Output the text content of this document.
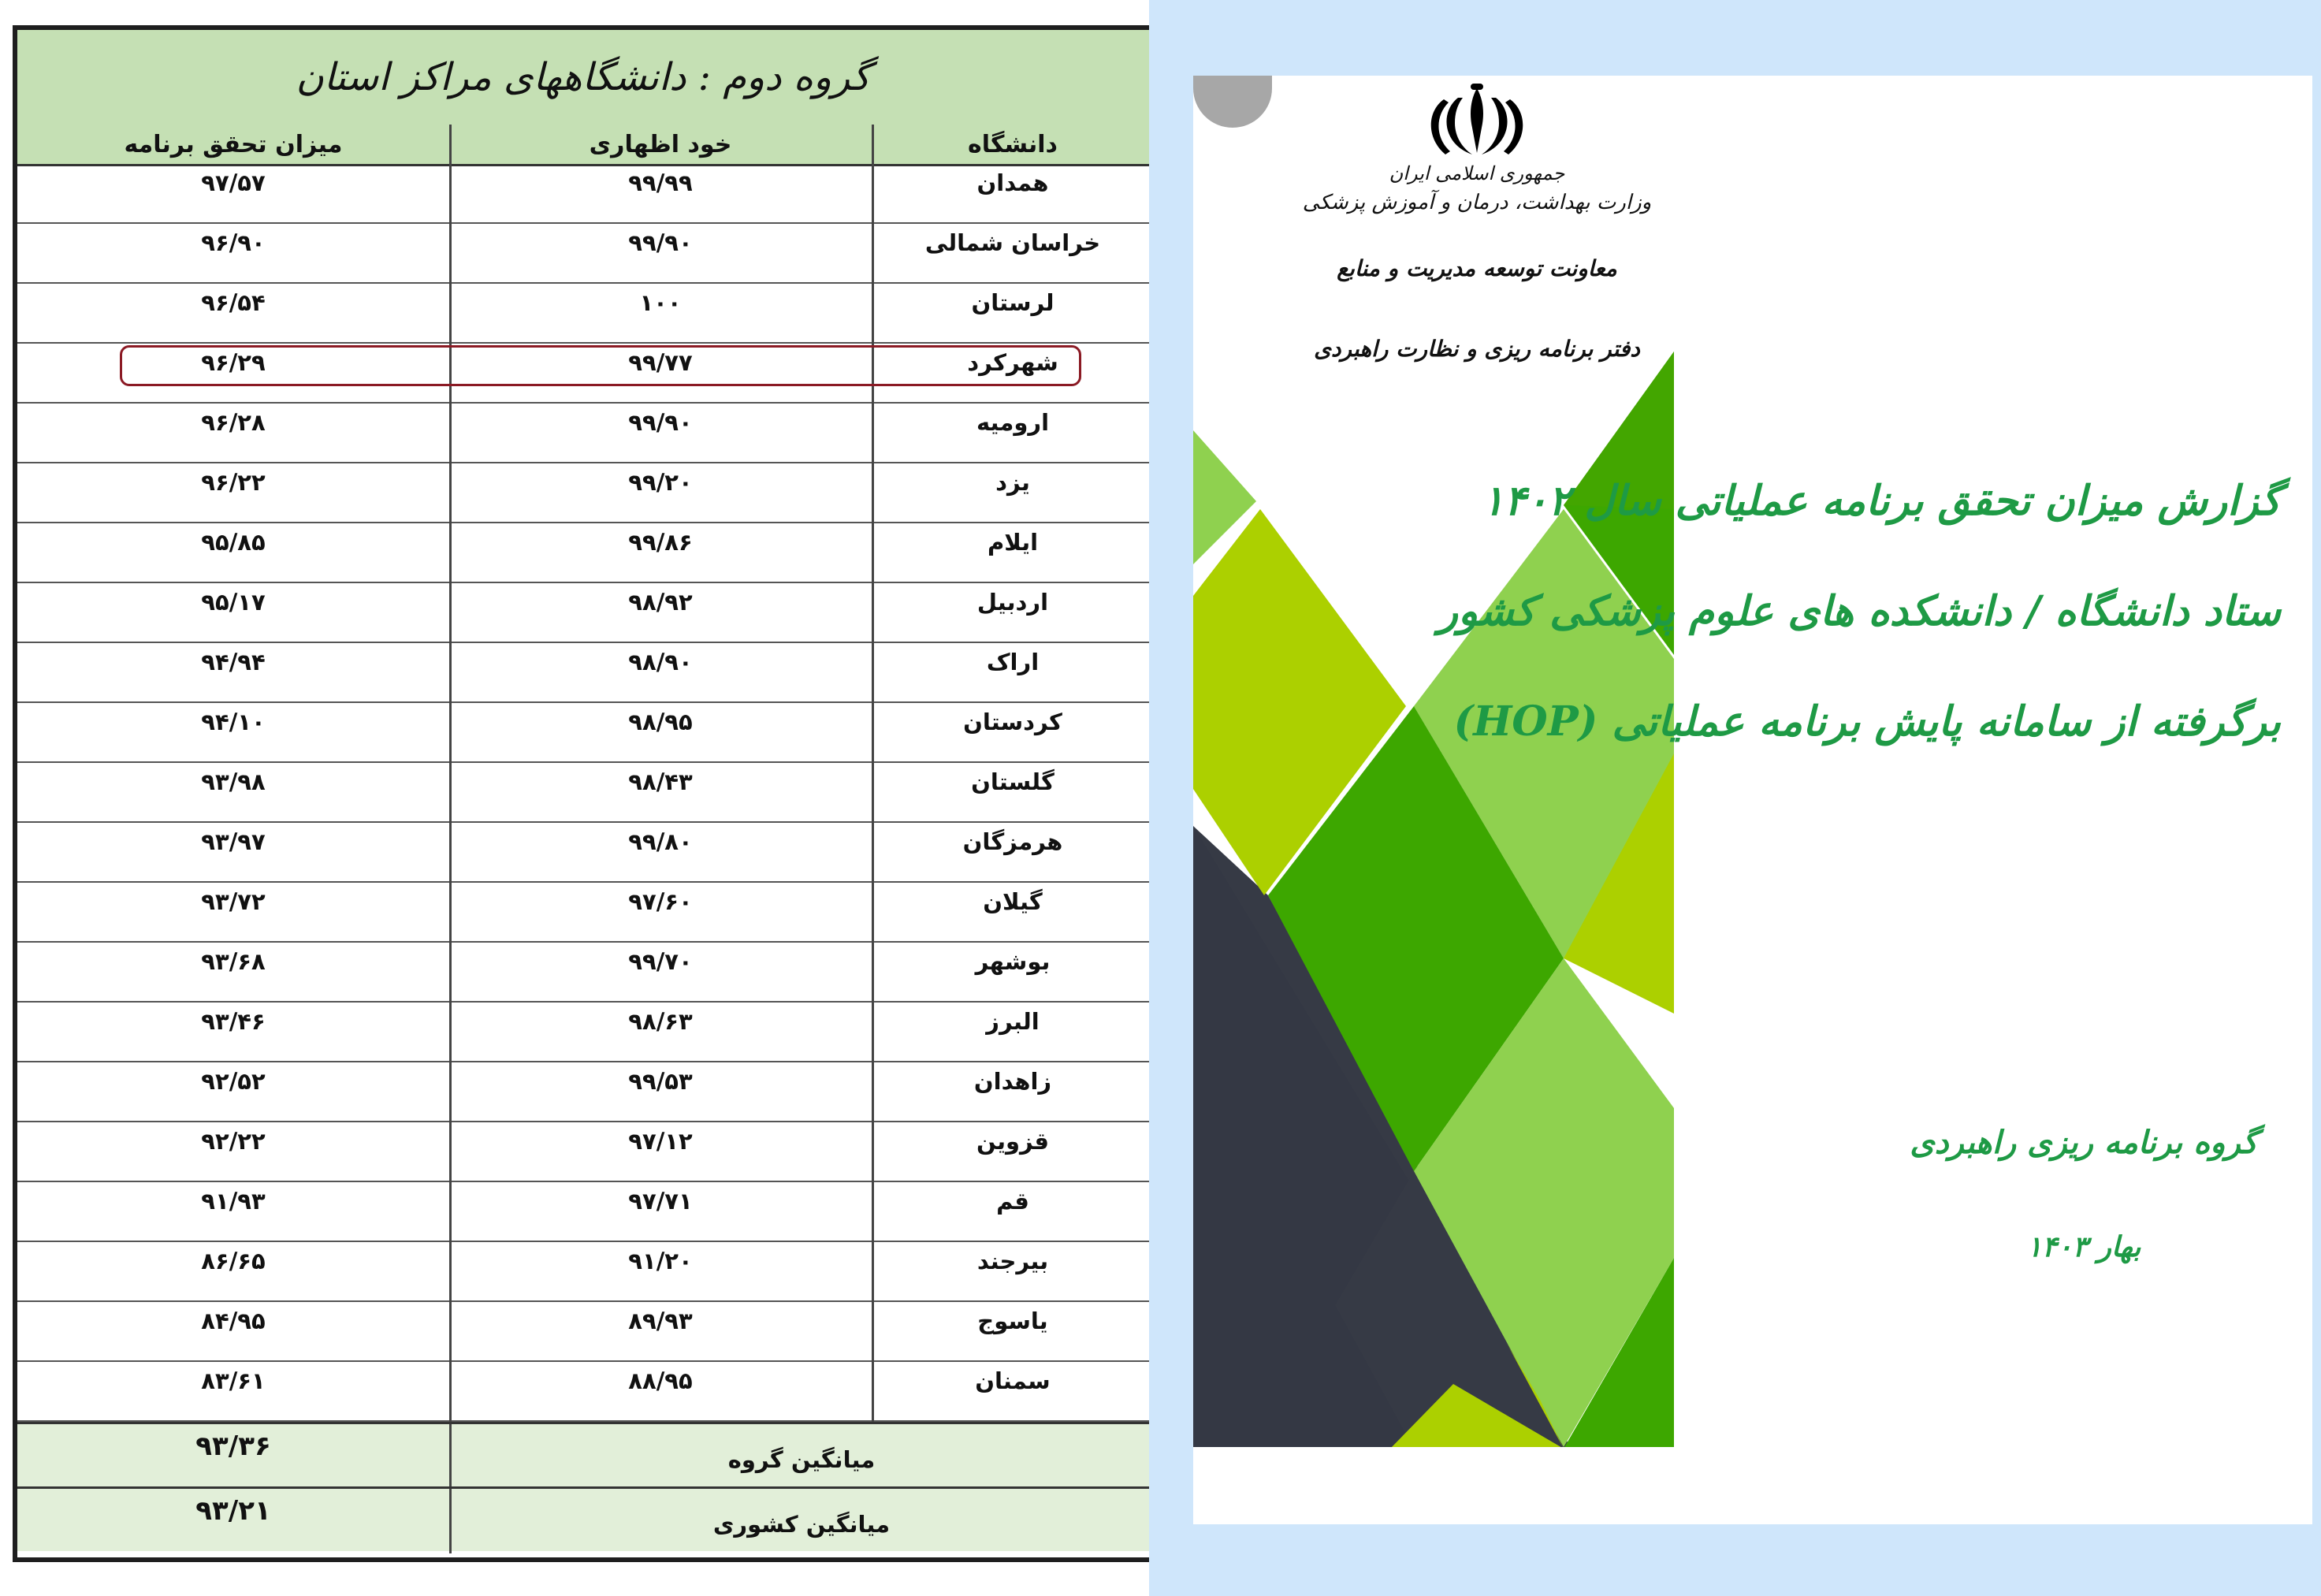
گروه دوم : دانشگاههای مراکز استان
دانشگاه
خود اظهاری
میزان تحقق برنامه
همدان
۹۹/۹۹
۹۷/۵۷
خراسان شمالی
۹۹/۹۰
۹۶/۹۰
لرستان
۱۰۰
۹۶/۵۴
شهرکرد
۹۹/۷۷
۹۶/۲۹
ارومیه
۹۹/۹۰
۹۶/۲۸
یزد
۹۹/۲۰
۹۶/۲۲
ایلام
۹۹/۸۶
۹۵/۸۵
اردبیل
۹۸/۹۲
۹۵/۱۷
اراک
۹۸/۹۰
۹۴/۹۴
کردستان
۹۸/۹۵
۹۴/۱۰
گلستان
۹۸/۴۳
۹۳/۹۸
هرمزگان
۹۹/۸۰
۹۳/۹۷
گیلان
۹۷/۶۰
۹۳/۷۲
بوشهر
۹۹/۷۰
۹۳/۶۸
البرز
۹۸/۶۳
۹۳/۴۶
زاهدان
۹۹/۵۳
۹۲/۵۲
قزوین
۹۷/۱۲
۹۲/۲۲
قم
۹۷/۷۱
۹۱/۹۳
بیرجند
۹۱/۲۰
۸۶/۶۵
یاسوج
۸۹/۹۳
۸۴/۹۵
سمنان
۸۸/۹۵
۸۳/۶۱
۹۳/۳۶	میانگین گروه
۹۳/۲۱	میانگین کشوری
جمهوری اسلامی ایران
وزارت بهداشت، درمان و آموزش پزشکی
معاونت توسعه مدیریت و منابع
دفتر برنامه ریزی و نظارت راهبردی
گزارش میزان تحقق برنامه عملیاتی سال ۱۴۰۲
ستاد دانشگاه / دانشکده های علوم پزشکی کشور
برگرفته از سامانه پایش برنامه عملیاتی (HOP)
گروه برنامه ریزی راهبردی
بهار ۱۴۰۳
